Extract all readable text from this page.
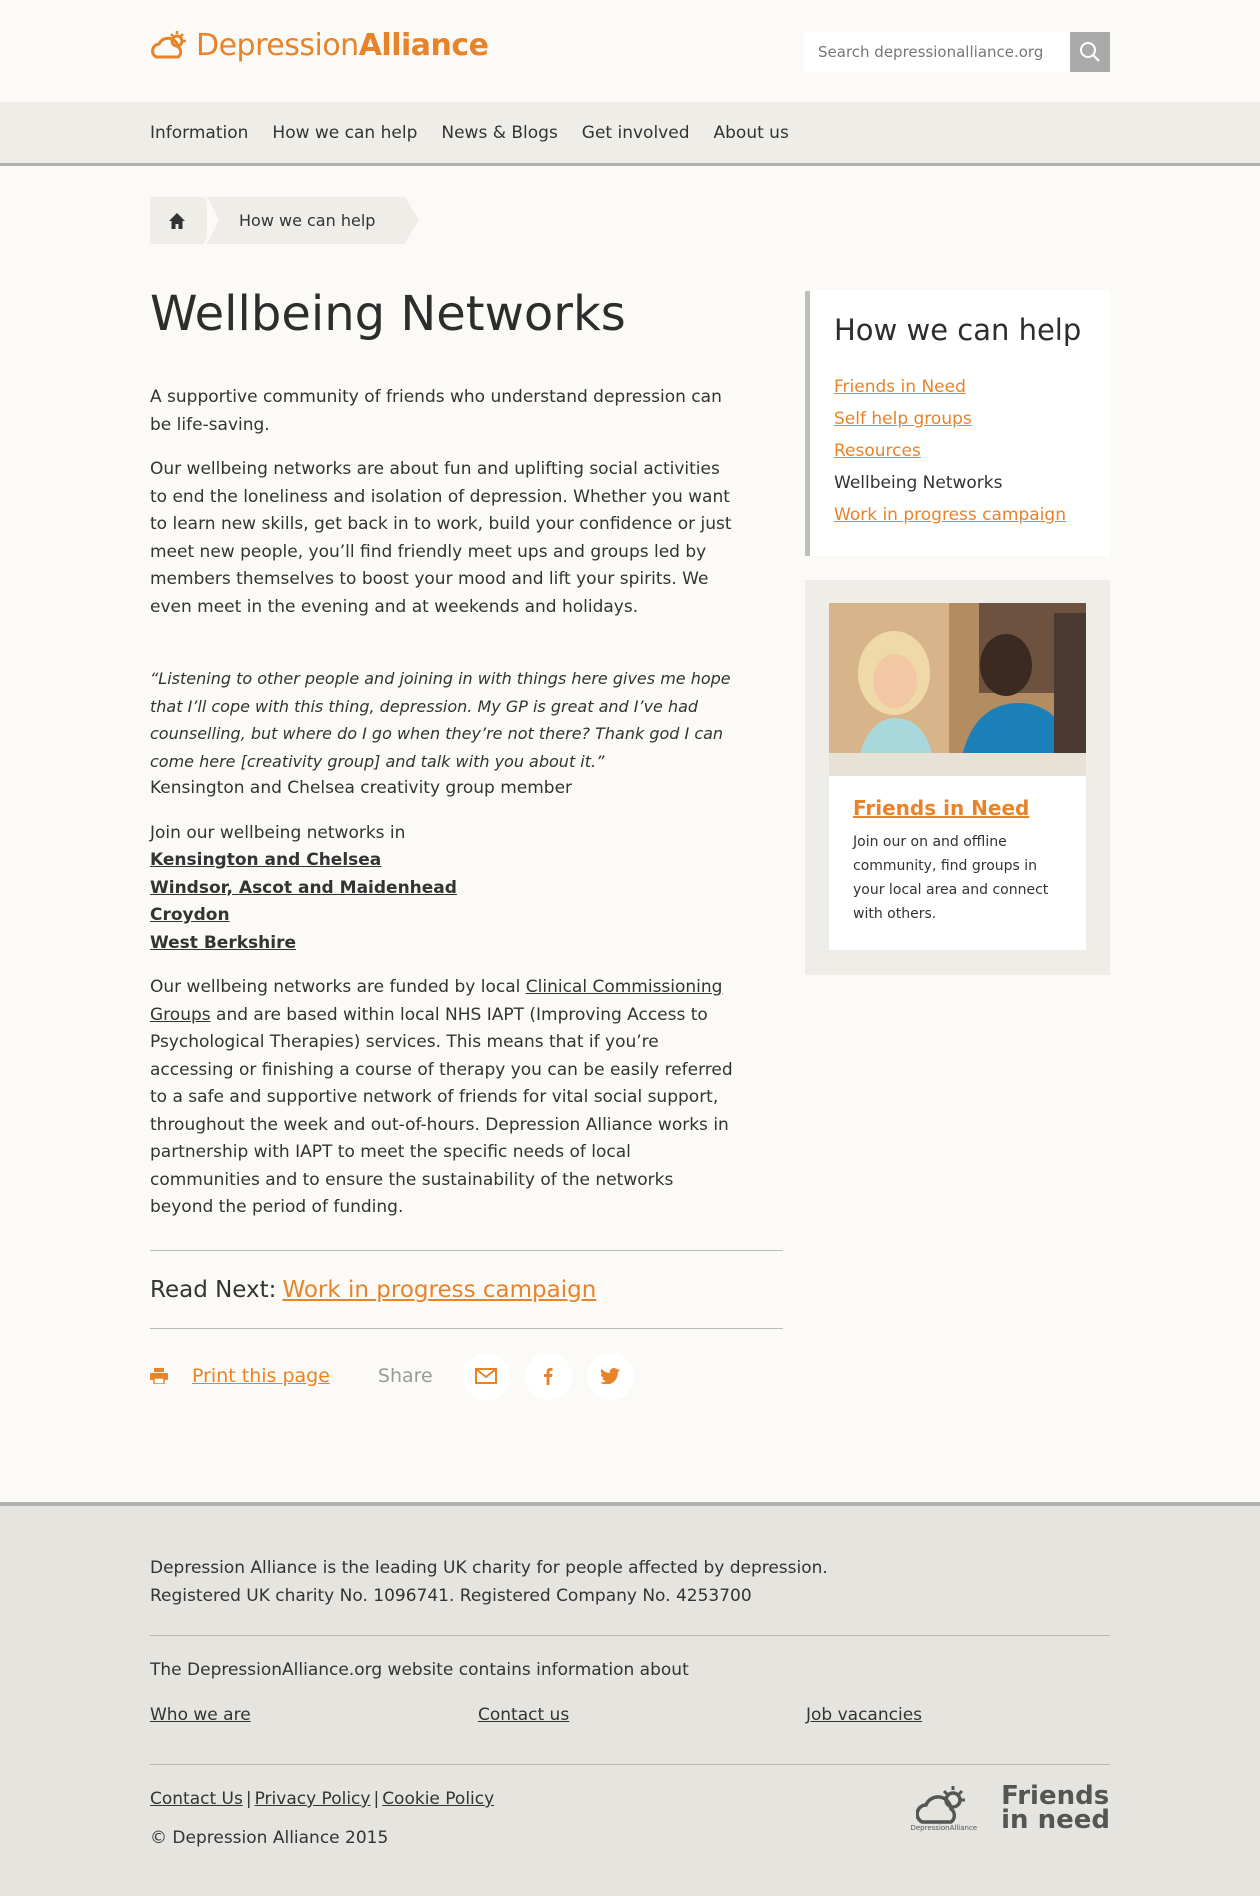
DepressionAlliance
Search depressionalliance.org
Information How we can help News & Blogs Get involved About us
How we can help
Wellbeing Networks

A supportive community of friends who understand depression can be life-saving.

Our wellbeing networks are about fun and uplifting social activities to end the loneliness and isolation of depression. Whether you want to learn new skills, get back in to work, build your confidence or just meet new people, you’ll find friendly meet ups and groups led by members themselves to boost your mood and lift your spirits. We even meet in the evening and at weekends and holidays.

“Listening to other people and joining in with things here gives me hope that I’ll cope with this thing, depression. My GP is great and I’ve had counselling, but where do I go when they’re not there? Thank god I can come here [creativity group] and talk with you about it.”

Kensington and Chelsea creativity group member

Join our wellbeing networks in
Kensington and Chelsea
Windsor, Ascot and Maidenhead
Croydon
West Berkshire

Our wellbeing networks are funded by local Clinical Commissioning Groups and are based within local NHS IAPT (Improving Access to Psychological Therapies) services. This means that if you’re accessing or finishing a course of therapy you can be easily referred to a safe and supportive network of friends for vital social support, throughout the week and out-of-hours. Depression Alliance works in partnership with IAPT to meet the specific needs of local communities and to ensure the sustainability of the networks beyond the period of funding.

Read Next: Work in progress campaign
Print this page	Share
How we can help
Friends in Need
Self help groups
Resources
Wellbeing Networks
Work in progress campaign
Friends in Need

Join our on and offline community, find groups in your local area and connect with others.

Depression Alliance is the leading UK charity for people affected by depression.
Registered UK charity No. 1096741. Registered Company No. 4253700
The DepressionAlliance.org website contains information about
Who we are	Contact us	Job vacancies
Contact Us | Privacy Policy | Cookie Policy
© Depression Alliance 2015	DepressionAlliance
Friends
in need
